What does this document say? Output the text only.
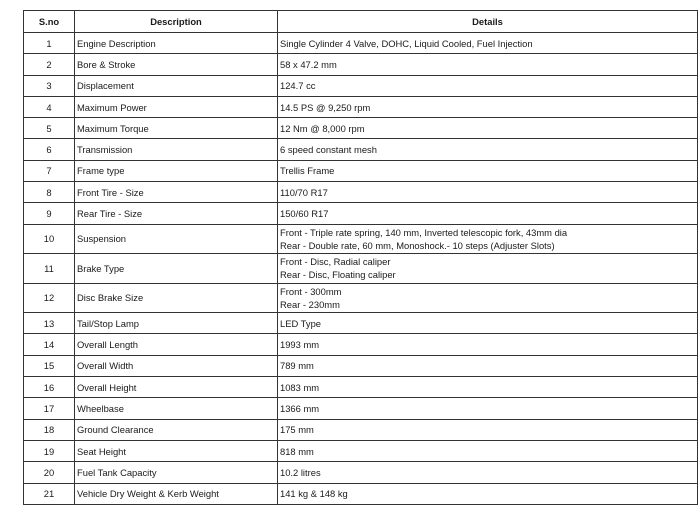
S.no	Description	Details
1	Engine Description	Single Cylinder 4 Valve, DOHC, Liquid Cooled, Fuel Injection

2	Bore & Stroke	58 x 47.2 mm

3	Displacement	124.7 cc

4	Maximum Power	14.5 PS @ 9,250 rpm

5	Maximum Torque	12 Nm @ 8,000 rpm

6	Transmission	6 speed constant mesh

7	Frame type	Trellis Frame

8	Front Tire - Size	110/70 R17

9	Rear Tire - Size	150/60 R17

10	Suspension	Front - Triple rate spring, 140 mm, Inverted telescopic fork, 43mm dia
Rear - Double rate, 60 mm, Monoshock.- 10 steps (Adjuster Slots)

11	Brake Type	Front - Disc, Radial caliper
Rear - Disc, Floating caliper

12	Disc Brake Size	Front - 300mm
Rear - 230mm

13	Tail/Stop Lamp	LED Type

14	Overall Length	1993 mm

15	Overall Width	789 mm

16	Overall Height	1083 mm

17	Wheelbase	1366 mm

18	Ground Clearance	175 mm

19	Seat Height	818 mm

20	Fuel Tank Capacity	10.2 litres

21	Vehicle Dry Weight & Kerb Weight	141 kg & 148 kg
